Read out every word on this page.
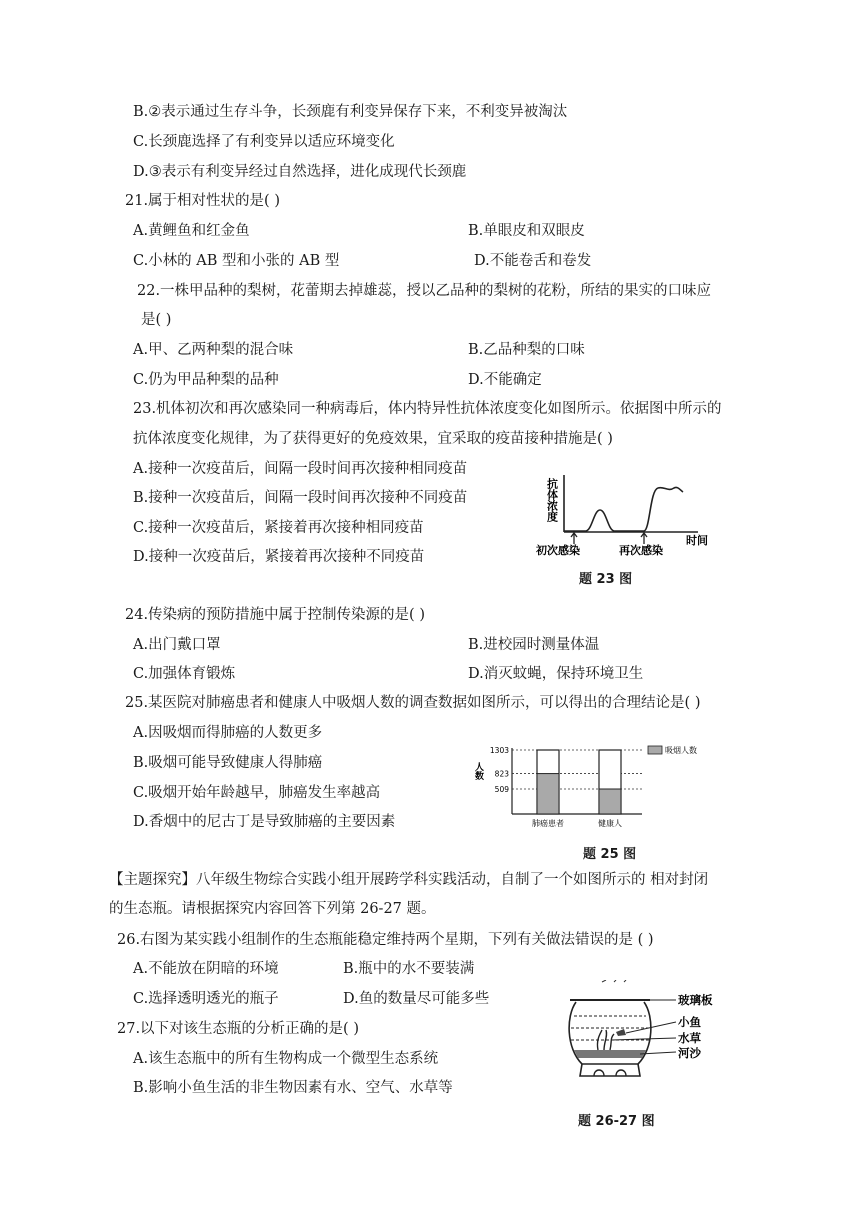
B.②表示通过生存斗争，长颈鹿有利变异保存下来，不利变异被淘汰
C.长颈鹿选择了有利变异以适应环境变化
D.③表示有利变异经过自然选择，进化成现代长颈鹿
21.属于相对性状的是( )
A.黄鲤鱼和红金鱼	B.单眼皮和双眼皮
C.小林的 AB 型和小张的 AB 型	D.不能卷舌和卷发
22.一株甲品种的梨树，花蕾期去掉雄蕊，授以乙品种的梨树的花粉，所结的果实的口味应
是( )
A.甲、乙两种梨的混合味	B.乙品种梨的口味
C.仍为甲品种梨的品种	D.不能确定
23.机体初次和再次感染同一种病毒后，体内特异性抗体浓度变化如图所示。依据图中所示的
抗体浓度变化规律，为了获得更好的免疫效果，宜采取的疫苗接种措施是( )
A.接种一次疫苗后，间隔一段时间再次接种相同疫苗
B.接种一次疫苗后，间隔一段时间再次接种不同疫苗
C.接种一次疫苗后，紧接着再次接种相同疫苗
D.接种一次疫苗后，紧接着再次接种不同疫苗
抗体浓度
时间
初次感染	再次感染
题 23 图
24.传染病的预防措施中属于控制传染源的是( )
A.出门戴口罩	B.进校园时测量体温
C.加强体育锻炼	D.消灭蚊蝇，保持环境卫生
25.某医院对肺癌患者和健康人中吸烟人数的调查数据如图所示，可以得出的合理结论是( )
A.因吸烟而得肺癌的人数更多
B.吸烟可能导致健康人得肺癌
C.吸烟开始年龄越早，肺癌发生率越高
D.香烟中的尼古丁是导致肺癌的主要因素
人数
509
823
1303
肺癌患者	健康人
吸烟人数
题 25 图
【主题探究】八年级生物综合实践小组开展跨学科实践活动，自制了一个如图所示的 相对封闭
的生态瓶。请根据探究内容回答下列第 26-27 题。
26.右图为某实践小组制作的生态瓶能稳定维持两个星期，下列有关做法错误的是 ( )
A.不能放在阴暗的环境	B.瓶中的水不要装满
C.选择透明透光的瓶子	D.鱼的数量尽可能多些
27.以下对该生态瓶的分析正确的是( )
A.该生态瓶中的所有生物构成一个微型生态系统
B.影响小鱼生活的非生物因素有水、空气、水草等
玻璃板
小鱼
水草
河沙
题 26-27 图
